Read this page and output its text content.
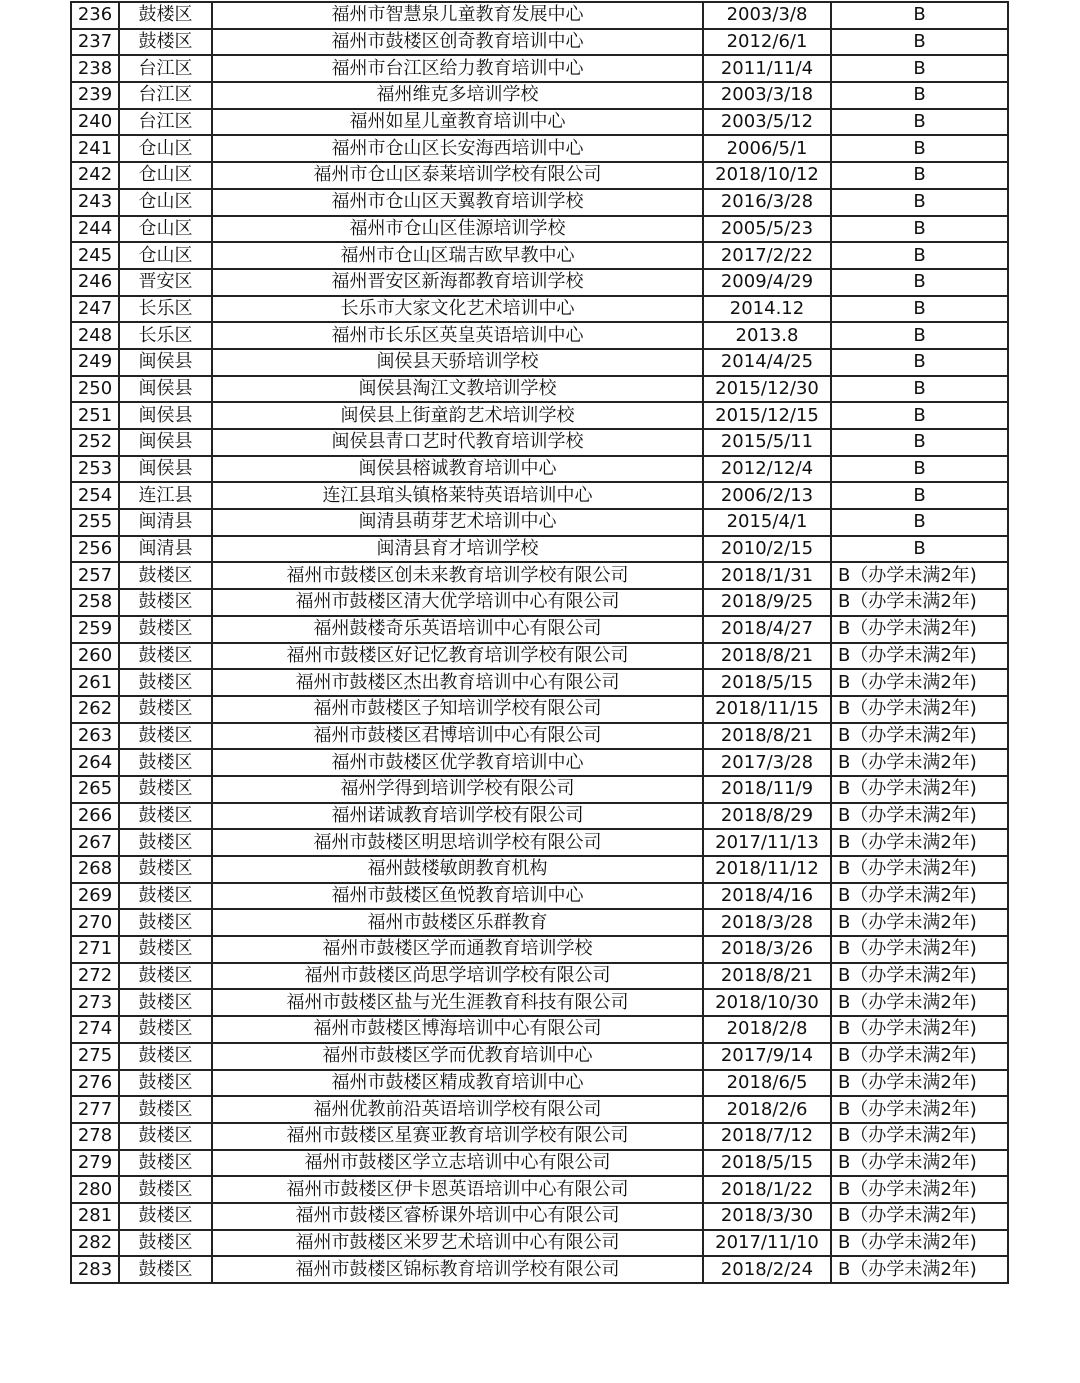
236	鼓楼区	福州市智慧泉儿童教育发展中心	2003/3/8	B
237	鼓楼区	福州市鼓楼区创奇教育培训中心	2012/6/1	B
238	台江区	福州市台江区给力教育培训中心	2011/11/4	B
239	台江区	福州维克多培训学校	2003/3/18	B
240	台江区	福州如星儿童教育培训中心	2003/5/12	B
241	仓山区	福州市仓山区长安海西培训中心	2006/5/1	B
242	仓山区	福州市仓山区泰莱培训学校有限公司	2018/10/12	B
243	仓山区	福州市仓山区天翼教育培训学校	2016/3/28	B
244	仓山区	福州市仓山区佳源培训学校	2005/5/23	B
245	仓山区	福州市仓山区瑞吉欧早教中心	2017/2/22	B
246	晋安区	福州晋安区新海都教育培训学校	2009/4/29	B
247	长乐区	长乐市大家文化艺术培训中心	2014.12	B
248	长乐区	福州市长乐区英皇英语培训中心	2013.8	B
249	闽侯县	闽侯县天骄培训学校	2014/4/25	B
250	闽侯县	闽侯县淘江文教培训学校	2015/12/30	B
251	闽侯县	闽侯县上街童韵艺术培训学校	2015/12/15	B
252	闽侯县	闽侯县青口艺时代教育培训学校	2015/5/11	B
253	闽侯县	闽侯县榕诚教育培训中心	2012/12/4	B
254	连江县	连江县琯头镇格莱特英语培训中心	2006/2/13	B
255	闽清县	闽清县萌芽艺术培训中心	2015/4/1	B
256	闽清县	闽清县育才培训学校	2010/2/15	B
257	鼓楼区	福州市鼓楼区创未来教育培训学校有限公司	2018/1/31	B（办学未满2年)
258	鼓楼区	福州市鼓楼区清大优学培训中心有限公司	2018/9/25	B（办学未满2年)
259	鼓楼区	福州鼓楼奇乐英语培训中心有限公司	2018/4/27	B（办学未满2年)
260	鼓楼区	福州市鼓楼区好记忆教育培训学校有限公司	2018/8/21	B（办学未满2年)
261	鼓楼区	福州市鼓楼区杰出教育培训中心有限公司	2018/5/15	B（办学未满2年)
262	鼓楼区	福州市鼓楼区子知培训学校有限公司	2018/11/15	B（办学未满2年)
263	鼓楼区	福州市鼓楼区君博培训中心有限公司	2018/8/21	B（办学未满2年)
264	鼓楼区	福州市鼓楼区优学教育培训中心	2017/3/28	B（办学未满2年)
265	鼓楼区	福州学得到培训学校有限公司	2018/11/9	B（办学未满2年)
266	鼓楼区	福州诺诚教育培训学校有限公司	2018/8/29	B（办学未满2年)
267	鼓楼区	福州市鼓楼区明思培训学校有限公司	2017/11/13	B（办学未满2年)
268	鼓楼区	福州鼓楼敏朗教育机构	2018/11/12	B（办学未满2年)
269	鼓楼区	福州市鼓楼区鱼悦教育培训中心	2018/4/16	B（办学未满2年)
270	鼓楼区	福州市鼓楼区乐群教育	2018/3/28	B（办学未满2年)
271	鼓楼区	福州市鼓楼区学而通教育培训学校	2018/3/26	B（办学未满2年)
272	鼓楼区	福州市鼓楼区尚思学培训学校有限公司	2018/8/21	B（办学未满2年)
273	鼓楼区	福州市鼓楼区盐与光生涯教育科技有限公司	2018/10/30	B（办学未满2年)
274	鼓楼区	福州市鼓楼区博海培训中心有限公司	2018/2/8	B（办学未满2年)
275	鼓楼区	福州市鼓楼区学而优教育培训中心	2017/9/14	B（办学未满2年)
276	鼓楼区	福州市鼓楼区精成教育培训中心	2018/6/5	B（办学未满2年)
277	鼓楼区	福州优教前沿英语培训学校有限公司	2018/2/6	B（办学未满2年)
278	鼓楼区	福州市鼓楼区星赛亚教育培训学校有限公司	2018/7/12	B（办学未满2年)
279	鼓楼区	福州市鼓楼区学立志培训中心有限公司	2018/5/15	B（办学未满2年)
280	鼓楼区	福州市鼓楼区伊卡恩英语培训中心有限公司	2018/1/22	B（办学未满2年)
281	鼓楼区	福州市鼓楼区睿桥课外培训中心有限公司	2018/3/30	B（办学未满2年)
282	鼓楼区	福州市鼓楼区米罗艺术培训中心有限公司	2017/11/10	B（办学未满2年)
283	鼓楼区	福州市鼓楼区锦标教育培训学校有限公司	2018/2/24	B（办学未满2年)
